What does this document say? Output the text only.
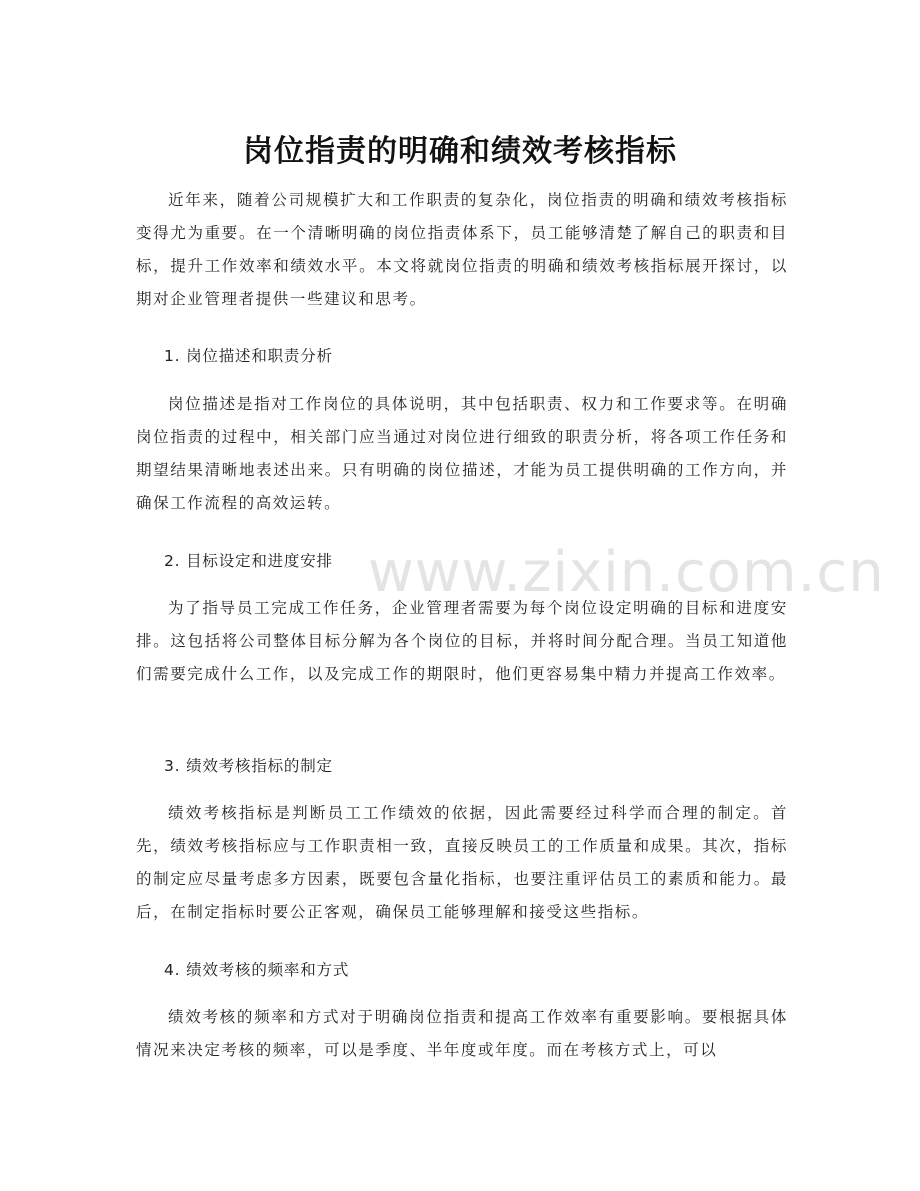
岗位指责的明确和绩效考核指标

近年来，随着公司规模扩大和工作职责的复杂化，岗位指责的明确和绩效考核指标变得尤为重要。在一个清晰明确的岗位指责体系下，员工能够清楚了解自己的职责和目标，提升工作效率和绩效水平。本文将就岗位指责的明确和绩效考核指标展开探讨，以期对企业管理者提供一些建议和思考。

1. 岗位描述和职责分析

岗位描述是指对工作岗位的具体说明，其中包括职责、权力和工作要求等。在明确岗位指责的过程中，相关部门应当通过对岗位进行细致的职责分析，将各项工作任务和期望结果清晰地表述出来。只有明确的岗位描述，才能为员工提供明确的工作方向，并确保工作流程的高效运转。

2. 目标设定和进度安排

为了指导员工完成工作任务，企业管理者需要为每个岗位设定明确的目标和进度安排。这包括将公司整体目标分解为各个岗位的目标，并将时间分配合理。当员工知道他们需要完成什么工作，以及完成工作的期限时，他们更容易集中精力并提高工作效率。

3. 绩效考核指标的制定

绩效考核指标是判断员工工作绩效的依据，因此需要经过科学而合理的制定。首先，绩效考核指标应与工作职责相一致，直接反映员工的工作质量和成果。其次，指标的制定应尽量考虑多方因素，既要包含量化指标，也要注重评估员工的素质和能力。最后，在制定指标时要公正客观，确保员工能够理解和接受这些指标。

4. 绩效考核的频率和方式

绩效考核的频率和方式对于明确岗位指责和提高工作效率有重要影响。要根据具体情况来决定考核的频率，可以是季度、半年度或年度。而在考核方式上，可以

www.zixin.com.cn
